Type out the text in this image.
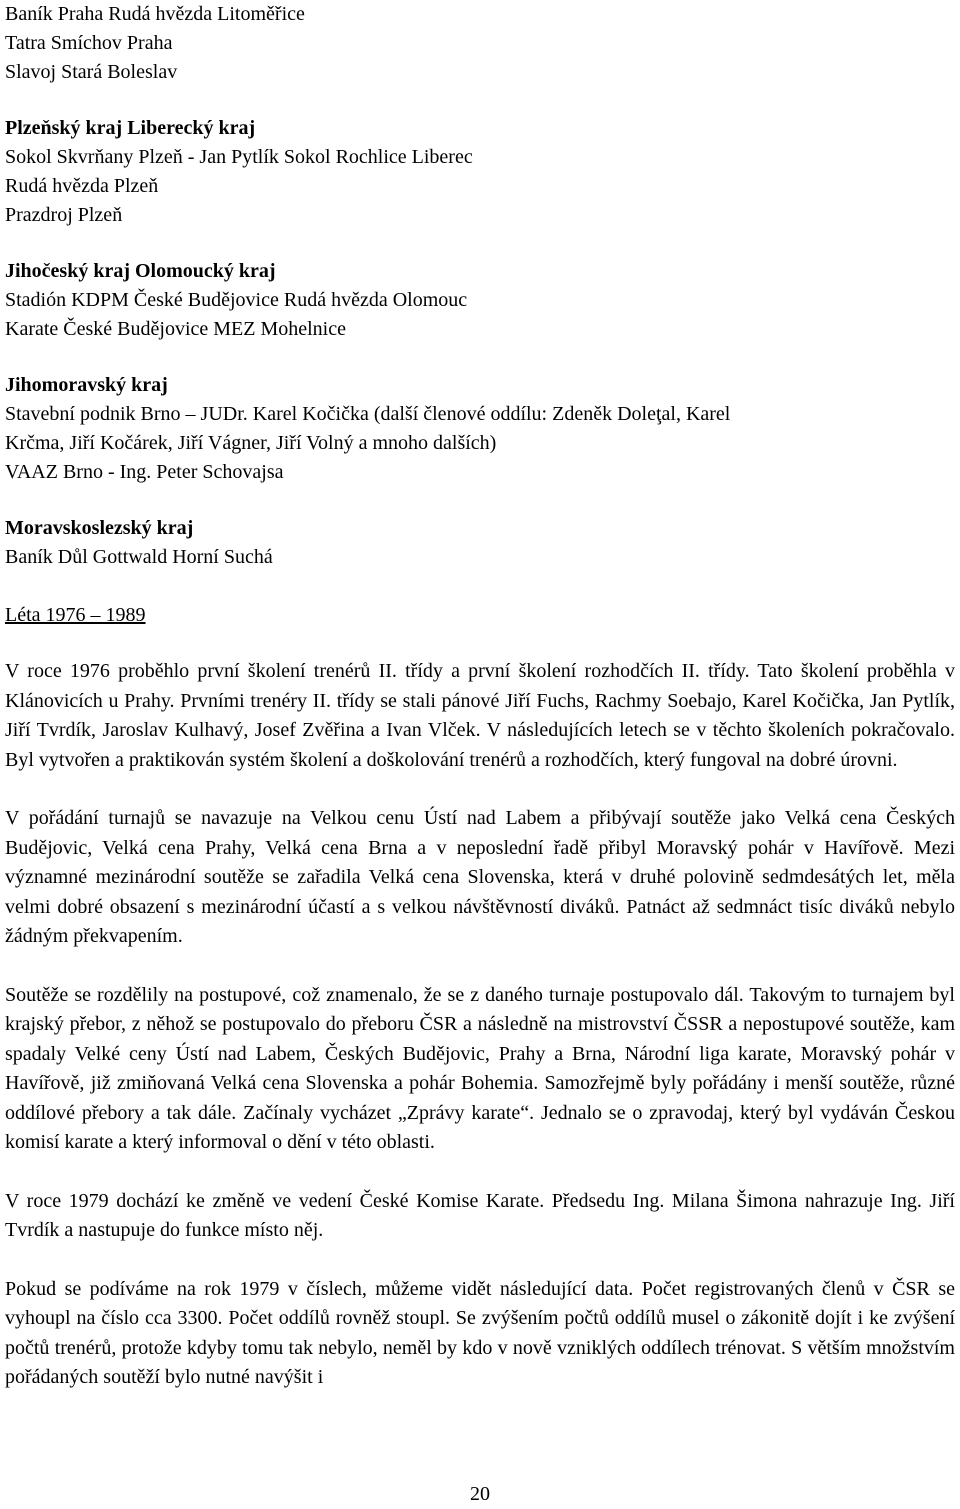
Baník Praha Rudá hvězda Litoměřice
Tatra Smíchov Praha
Slavoj Stará Boleslav
Plzeňský kraj Liberecký kraj
Sokol Skvrňany Plzeň - Jan Pytlík Sokol Rochlice Liberec
Rudá hvězda Plzeň
Prazdroj Plzeň
Jihočeský kraj Olomoucký kraj
Stadión KDPM České Budějovice Rudá hvězda Olomouc
Karate České Budějovice MEZ Mohelnice
Jihomoravský kraj
Stavební podnik Brno – JUDr. Karel Kočička (další členové oddílu: Zdeněk Doleţal, Karel
Krčma, Jiří Kočárek, Jiří Vágner, Jiří Volný a mnoho dalších)
VAAZ Brno - Ing. Peter Schovajsa
Moravskoslezský kraj
Baník Důl Gottwald Horní Suchá
Léta 1976 – 1989

V roce 1976 proběhlo první školení trenérů II. třídy a první školení rozhodčích II. třídy. Tato školení proběhla v Klánovicích u Prahy. Prvními trenéry II. třídy se stali pánové Jiří Fuchs, Rachmy Soebajo, Karel Kočička, Jan Pytlík, Jiří Tvrdík, Jaroslav Kulhavý, Josef Zvěřina a Ivan Vlček. V následujících letech se v těchto školeních pokračovalo. Byl vytvořen a praktikován systém školení a doškolování trenérů a rozhodčích, který fungoval na dobré úrovni.

V pořádání turnajů se navazuje na Velkou cenu Ústí nad Labem a přibývají soutěže jako Velká cena Českých Budějovic, Velká cena Prahy, Velká cena Brna a v neposlední řadě přibyl Moravský pohár v Havířově. Mezi významné mezinárodní soutěže se zařadila Velká cena Slovenska, která v druhé polovině sedmdesátých let, měla velmi dobré obsazení s mezinárodní účastí a s velkou návštěvností diváků. Patnáct až sedmnáct tisíc diváků nebylo žádným překvapením.

Soutěže se rozdělily na postupové, což znamenalo, že se z daného turnaje postupovalo dál. Takovým to turnajem byl krajský přebor, z něhož se postupovalo do přeboru ČSR a následně na mistrovství ČSSR a nepostupové soutěže, kam spadaly Velké ceny Ústí nad Labem, Českých Budějovic, Prahy a Brna, Národní liga karate, Moravský pohár v Havířově, již zmiňovaná Velká cena Slovenska a pohár Bohemia. Samozřejmě byly pořádány i menší soutěže, různé oddílové přebory a tak dále. Začínaly vycházet „Zprávy karate“. Jednalo se o zpravodaj, který byl vydáván Českou komisí karate a který informoval o dění v této oblasti.

V roce 1979 dochází ke změně ve vedení České Komise Karate. Předsedu Ing. Milana Šimona nahrazuje Ing. Jiří Tvrdík a nastupuje do funkce místo něj.

Pokud se podíváme na rok 1979 v číslech, můžeme vidět následující data. Počet registrovaných členů v ČSR se vyhoupl na číslo cca 3300. Počet oddílů rovněž stoupl. Se zvýšením počtů oddílů musel o zákonitě dojít i ke zvýšení počtů trenérů, protože kdyby tomu tak nebylo, neměl by kdo v nově vzniklých oddílech trénovat. S větším množstvím pořádaných soutěží bylo nutné navýšit i

20
